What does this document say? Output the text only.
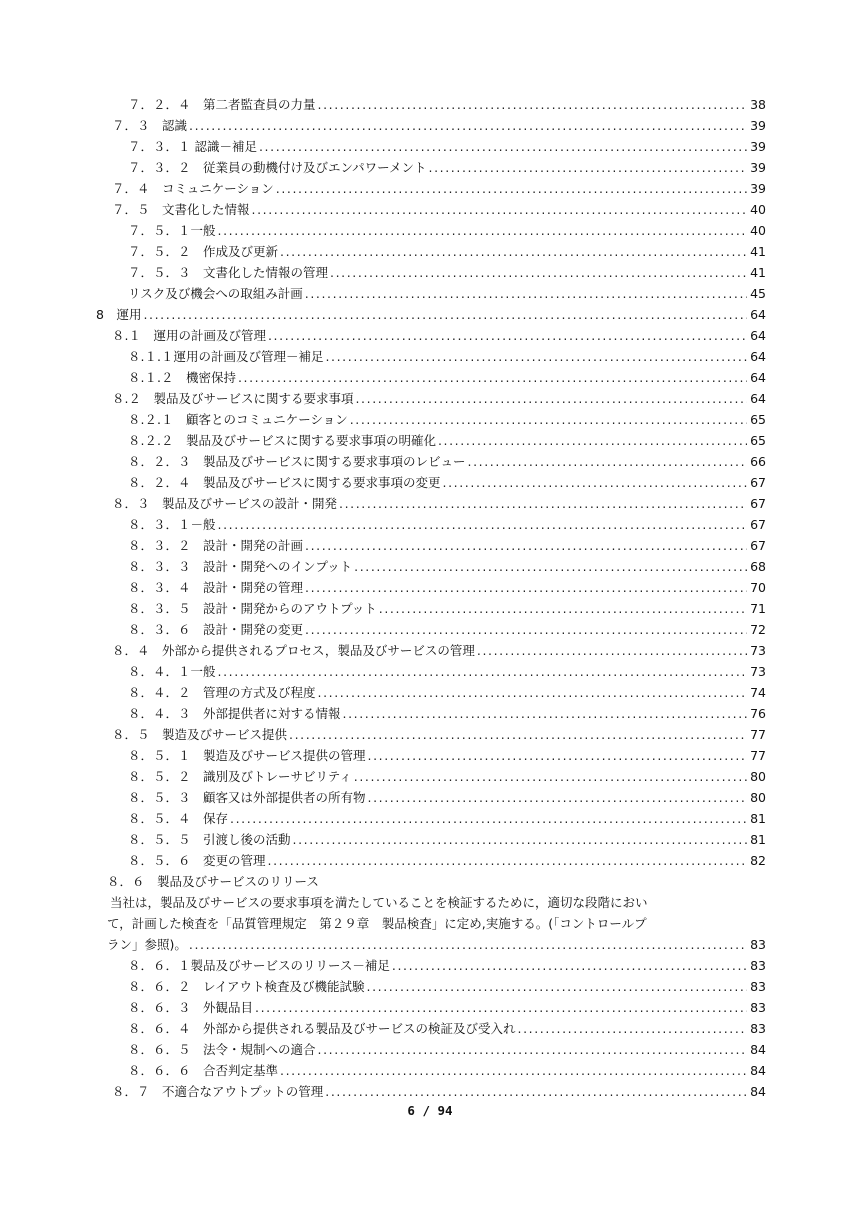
７．２．４　第二者監査員の力量 .....	38
７．３　認識 .....	39
７．３．１ 認識－補足 .....	39
７．３．２　従業員の動機付け及びエンパワーメント .....	39
７．４　コミュニケーション .....	39
７．５　文書化した情報 .....	40
７．５．１一般 .....	40
７．５．２　作成及び更新 .....	41
７．５．３　文書化した情報の管理 .....	41
リスク及び機会への取組み計画 .....	45
8　運用 .....	64
８.１　運用の計画及び管理 .....	64
８.１.１運用の計画及び管理－補足 .....	64
８.１.２　機密保持 .....	64
８.２　製品及びサービスに関する要求事項 .....	64
８.２.１　顧客とのコミュニケーション .....	65
８.２.２　製品及びサービスに関する要求事項の明確化 .....	65
８．２．３　製品及びサービスに関する要求事項のレビュー .....	66
８．２．４　製品及びサービスに関する要求事項の変更 .....	67
８．３　製品及びサービスの設計・開発 .....	67
８．３．１－般 .....	67
８．３．２　設計・開発の計画 .....	67
８．３．３　設計・開発へのインプット .....	68
８．３．４　設計・開発の管理 .....	70
８．３．５　設計・開発からのアウトプット .....	71
８．３．６　設計・開発の変更 .....	72
８．４　外部から提供されるプロセス，製品及びサービスの管理 .....	73
８．４．１一般 .....	73
８．４．２　管理の方式及び程度 .....	74
８．４．３　外部提供者に対する情報 .....	76
８．５　製造及びサービス提供 .....	77
８．５．１　製造及びサービス提供の管理 .....	77
８．５．２　識別及びトレーサビリティ .....	80
８．５．３　顧客又は外部提供者の所有物 .....	80
８．５．４　保存 .....	81
８．５．５　引渡し後の活動 .....	81
８．５．６　変更の管理 .....	82
８．６　製品及びサービスのリリース
当社は，製品及びサービスの要求事項を満たしていることを検証するために，適切な段階におい
て，計画した検査を「品質管理規定　第２９章　製品検査」に定め,実施する。(「コントロールプ
ラン」参照)。 .....	83
８．６．１製品及びサービスのリリース－補足 .....	83
８．６．２　レイアウト検査及び機能試験 .....	83
８．６．３　外観品目 .....	83
８．６．４　外部から提供される製品及びサービスの検証及び受入れ .....	83
８．６．５　法令・規制への適合 .....	84
８．６．６　合否判定基準 .....	84
８．７　不適合なアウトプットの管理 .....	84
6 / 94
